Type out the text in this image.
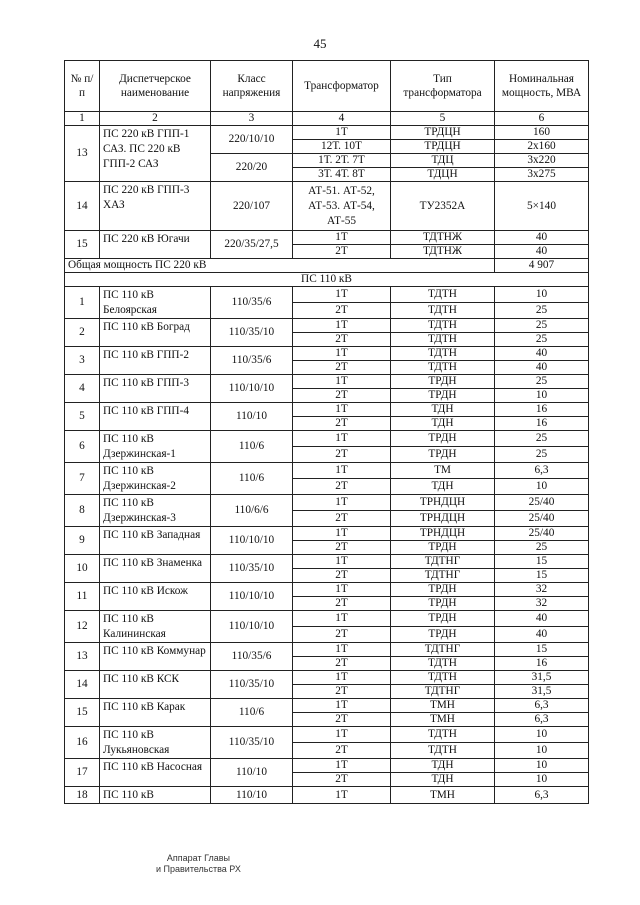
45
№ п/п	Диспетчерское наименование	Класс напряжения	Трансформатор	Тип трансформатора	Номинальная мощность, МВА
1	2	3	4	5	6
13	ПС 220 кВ ГПП-1 САЗ. ПС 220 кВ ГПП-2 САЗ	220/10/10	1Т	ТРДЦН	160
			12Т. 10Т	ТРДЦН	2x160
		220/20	1Т. 2Т. 7Т	ТДЦ	3x220
			3Т. 4Т. 8Т	ТДЦН	3x275
14	ПС 220 кВ ГПП-3 ХАЗ	220/107	АТ-51. АТ-52, АТ-53. АТ-54, АТ-55	ТУ2352А	5×140
15	ПС 220 кВ Югачи	220/35/27,5	1Т	ТДТНЖ	40
			2Т	ТДТНЖ	40
Общая мощность ПС 220 кВ					4 907
ПС 110 кВ					
1	ПС 110 кВ Белоярская	110/35/6	1Т	ТДТН	10
			2Т	ТДТН	25
2	ПС 110 кВ Боград	110/35/10	1Т	ТДТН	25
			2Т	ТДТН	25
3	ПС 110 кВ ГПП-2	110/35/6	1Т	ТДТН	40
			2Т	ТДТН	40
4	ПС 110 кВ ГПП-3	110/10/10	1Т	ТРДН	25
			2Т	ТРДН	10
5	ПС 110 кВ ГПП-4	110/10	1Т	ТДН	16
			2Т	ТДН	16
6	ПС 110 кВ Дзержинская-1	110/6	1Т	ТРДН	25
			2Т	ТРДН	25
7	ПС 110 кВ Дзержинская-2	110/6	1Т	ТМ	6,3
			2Т	ТДН	10
8	ПС 110 кВ Дзержинская-3	110/6/6	1Т	ТРНДЦН	25/40
			2Т	ТРНДЦН	25/40
9	ПС 110 кВ Западная	110/10/10	1Т	ТРНДЦН	25/40
			2Т	ТРДН	25
10	ПС 110 кВ Знаменка	110/35/10	1Т	ТДТНГ	15
			2Т	ТДТНГ	15
11	ПС 110 кВ Искож	110/10/10	1Т	ТРДН	32
			2Т	ТРДН	32
12	ПС 110 кВ Калининская	110/10/10	1Т	ТРДН	40
			2Т	ТРДН	40
13	ПС 110 кВ Коммунар	110/35/6	1Т	ТДТНГ	15
			2Т	ТДТН	16
14	ПС 110 кВ КСК	110/35/10	1Т	ТДТН	31,5
			2Т	ТДТНГ	31,5
15	ПС 110 кВ Карак	110/6	1Т	ТМН	6,3
			2Т	ТМН	6,3
16	ПС 110 кВ Лукьяновская	110/35/10	1Т	ТДТН	10
			2Т	ТДТН	10
17	ПС 110 кВ Насосная	110/10	1Т	ТДН	10
			2Т	ТДН	10
18	ПС 110 кВ	110/10	1Т	ТМН	6,3
Аппарат Главы
и Правительства РХ
